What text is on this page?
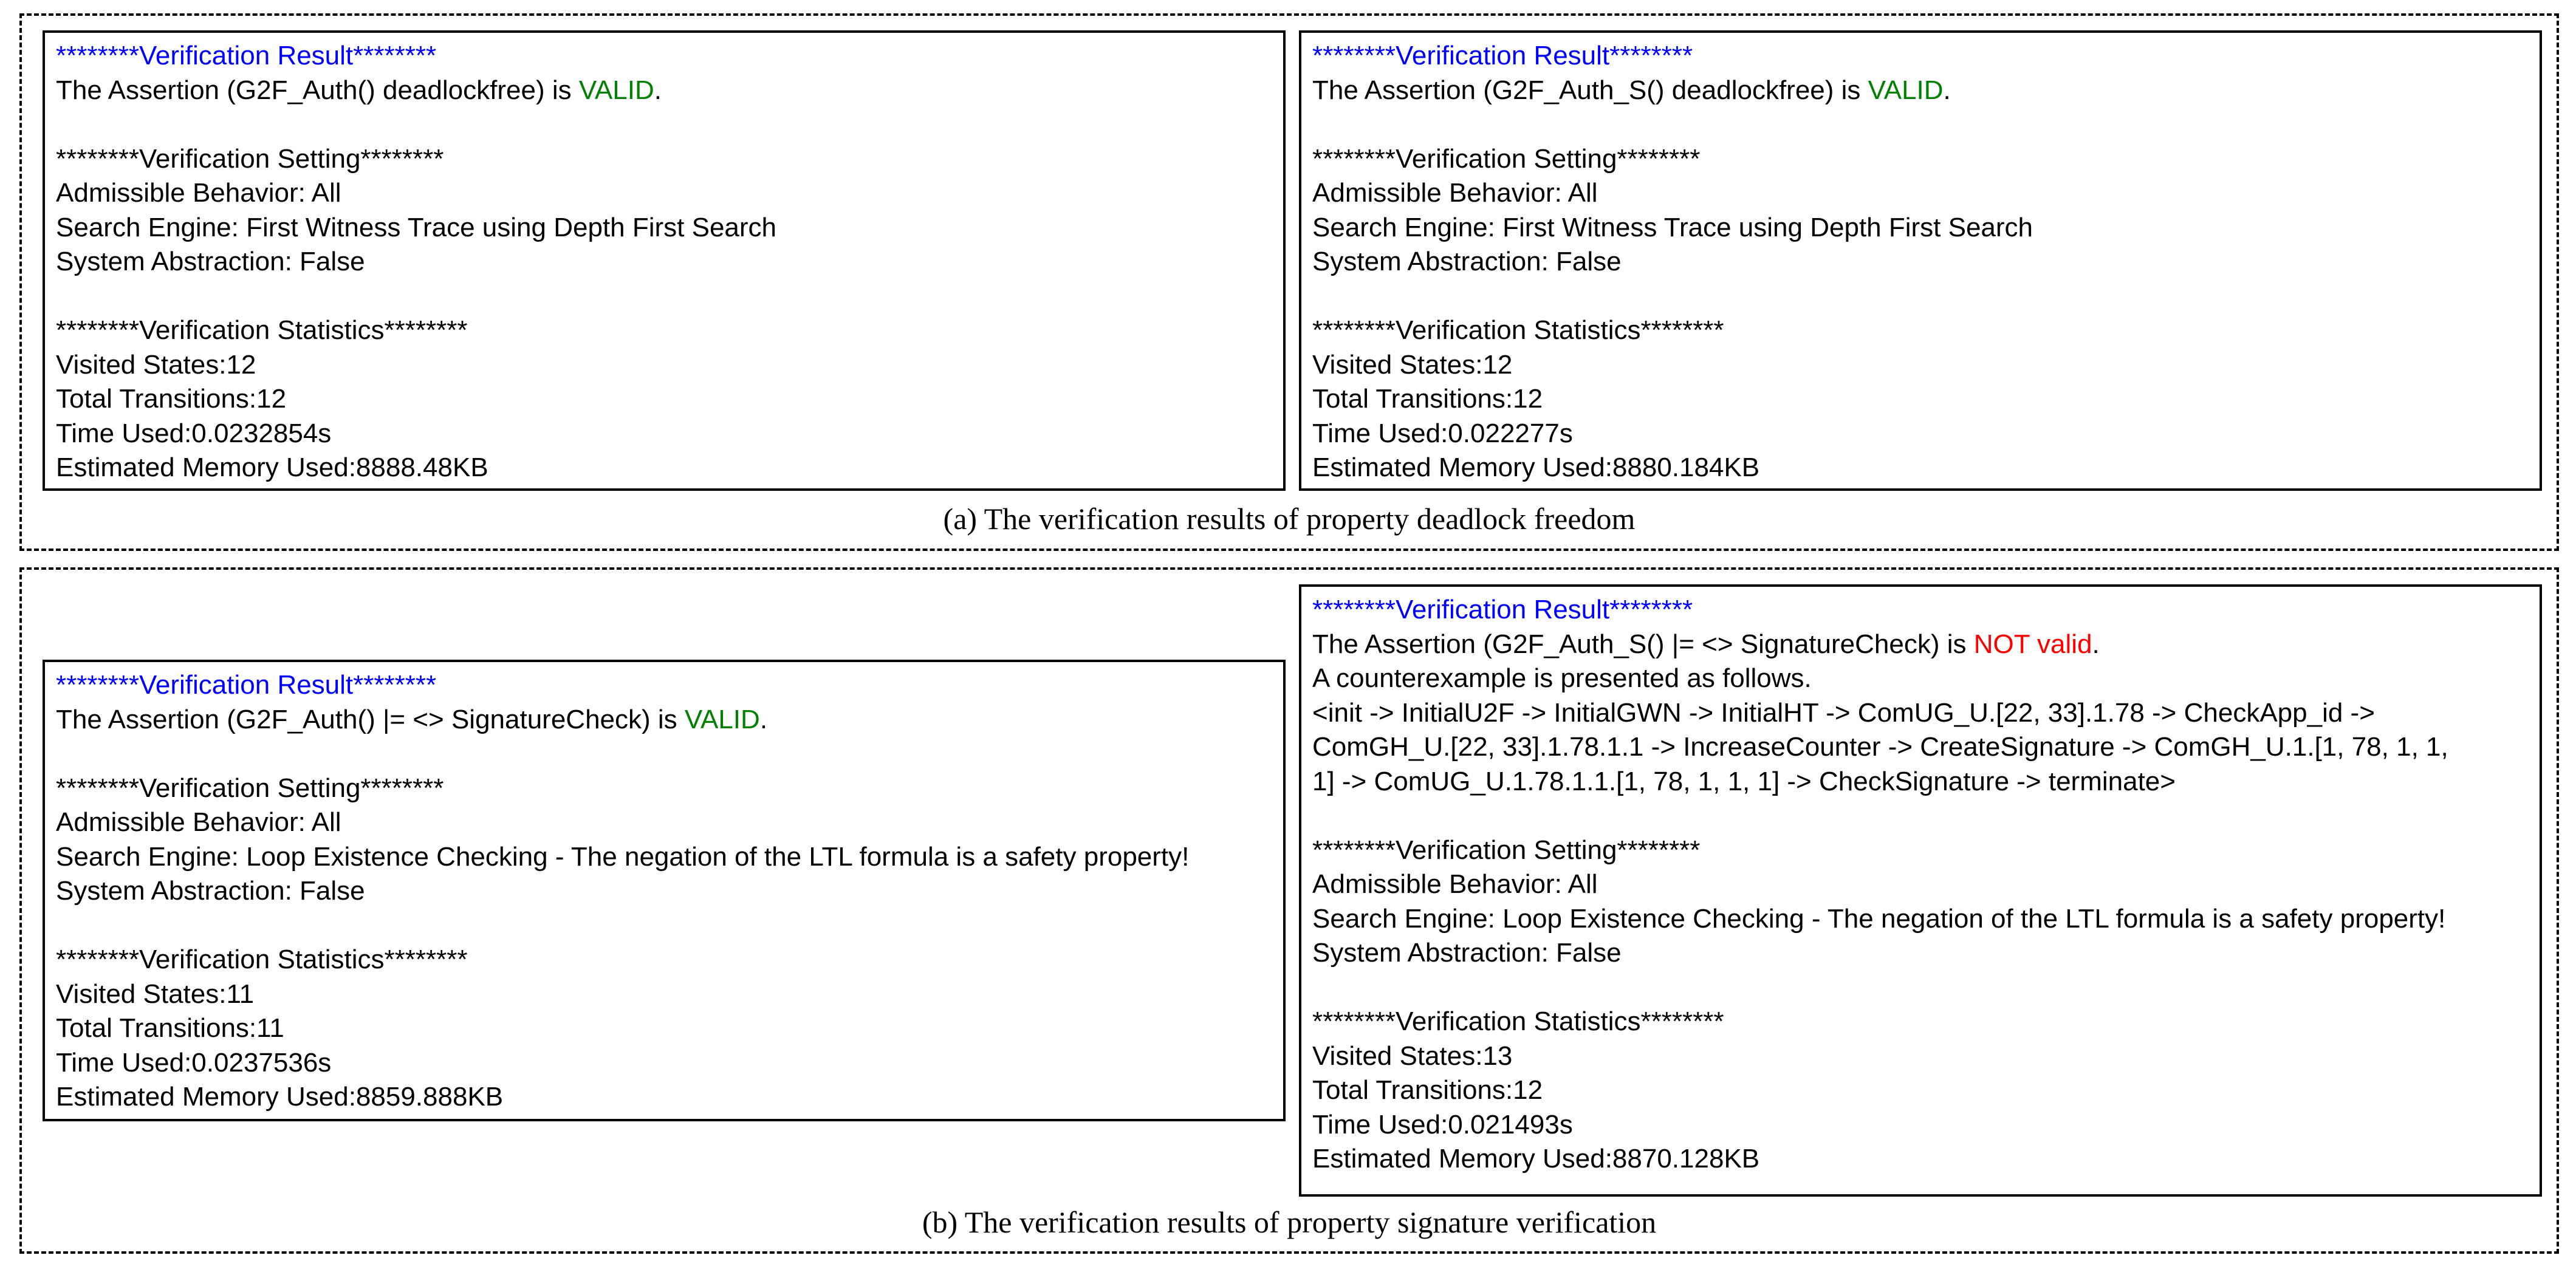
********Verification Result********
The Assertion (G2F_Auth() deadlockfree) is VALID.
********Verification Setting********
Admissible Behavior: All
Search Engine: First Witness Trace using Depth First Search
System Abstraction: False
********Verification Statistics********
Visited States:12
Total Transitions:12
Time Used:0.0232854s
Estimated Memory Used:8888.48KB
********Verification Result********
The Assertion (G2F_Auth_S() deadlockfree) is VALID.
********Verification Setting********
Admissible Behavior: All
Search Engine: First Witness Trace using Depth First Search
System Abstraction: False
********Verification Statistics********
Visited States:12
Total Transitions:12
Time Used:0.022277s
Estimated Memory Used:8880.184KB
(a) The verification results of property deadlock freedom
********Verification Result********
The Assertion (G2F_Auth() |= <> SignatureCheck) is VALID.
********Verification Setting********
Admissible Behavior: All
Search Engine: Loop Existence Checking - The negation of the LTL formula is a safety property!
System Abstraction: False
********Verification Statistics********
Visited States:11
Total Transitions:11
Time Used:0.0237536s
Estimated Memory Used:8859.888KB
********Verification Result********
The Assertion (G2F_Auth_S() |= <> SignatureCheck) is NOT valid.
A counterexample is presented as follows.
<init -> InitialU2F -> InitialGWN -> InitialHT -> ComUG_U.[22, 33].1.78 -> CheckApp_id ->
ComGH_U.[22, 33].1.78.1.1 -> IncreaseCounter -> CreateSignature -> ComGH_U.1.[1, 78, 1, 1,
1] -> ComUG_U.1.78.1.1.[1, 78, 1, 1, 1] -> CheckSignature -> terminate>
********Verification Setting********
Admissible Behavior: All
Search Engine: Loop Existence Checking - The negation of the LTL formula is a safety property!
System Abstraction: False
********Verification Statistics********
Visited States:13
Total Transitions:12
Time Used:0.021493s
Estimated Memory Used:8870.128KB
(b) The verification results of property signature verification
